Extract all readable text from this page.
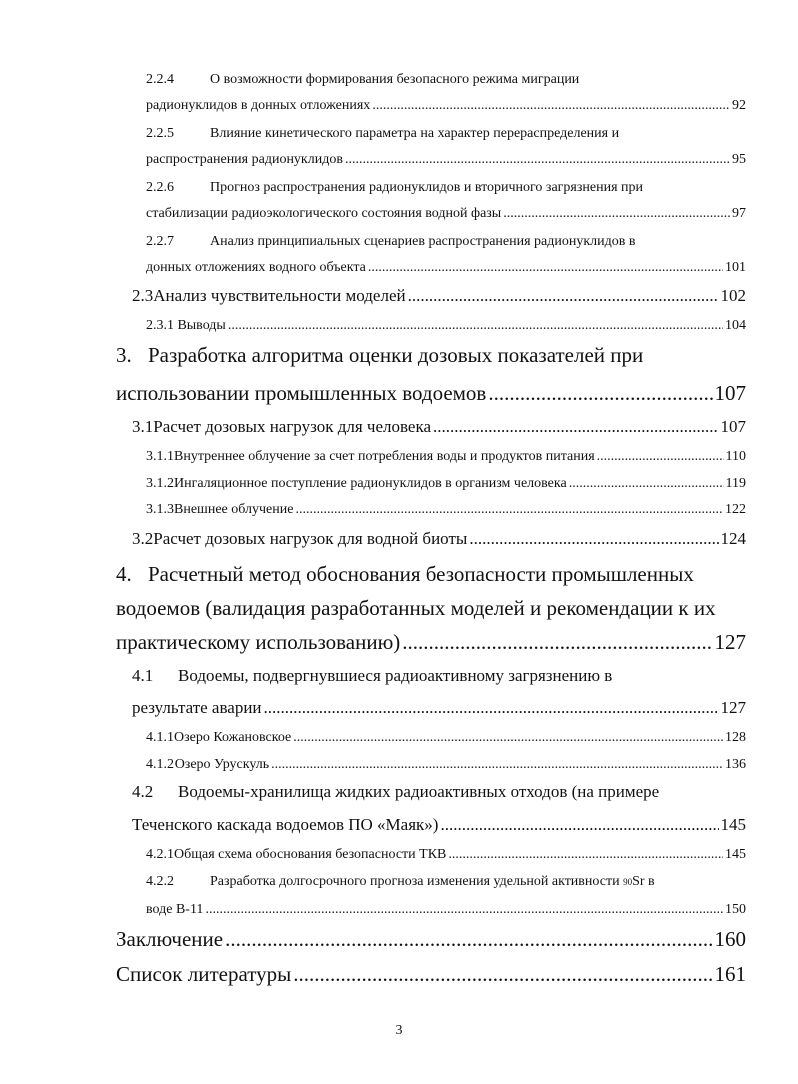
2.2.4	О возможности формирования безопасного режима миграции
радионуклидов в донных отложениях .....	92
2.2.5	Влияние кинетического параметра на характер перераспределения и
распространения радионуклидов .....	95
2.2.6	Прогноз распространения радионуклидов и вторичного загрязнения при
стабилизации радиоэкологического состояния водной фазы .....	97
2.2.7	Анализ принципиальных сценариев распространения радионуклидов в
донных отложениях водного объекта .....	101
2.3 Анализ чувствительности моделей .....	102
2.3.1 Выводы .....	104
3. Разработка алгоритма оценки дозовых показателей при
использовании промышленных водоемов .....	107
3.1 Расчет дозовых нагрузок для человека .....	107
3.1.1 Внутреннее облучение за счет потребления воды и продуктов питания .....	110
3.1.2 Ингаляционное поступление радионуклидов в организм человека .....	119
3.1.3 Внешнее облучение .....	122
3.2 Расчет дозовых нагрузок для водной биоты .....	124
4. Расчетный метод обоснования безопасности промышленных
водоемов (валидация разработанных моделей и рекомендации к их
практическому использованию) .....	127
4.1	Водоемы, подвергнувшиеся радиоактивному загрязнению в
результате аварии .....	127
4.1.1 Озеро Кожановское .....	128
4.1.2 Озеро Урускуль .....	136
4.2	Водоемы-хранилища жидких радиоактивных отходов (на примере
Теченского каскада водоемов ПО «Маяк») .....	145
4.2.1 Общая схема обоснования безопасности ТКВ .....	145
4.2.2	Разработка долгосрочного прогноза изменения удельной активности
90 Sr в
воде В-11 .....	150
Заключение .....	160
Список литературы .....	161
3
